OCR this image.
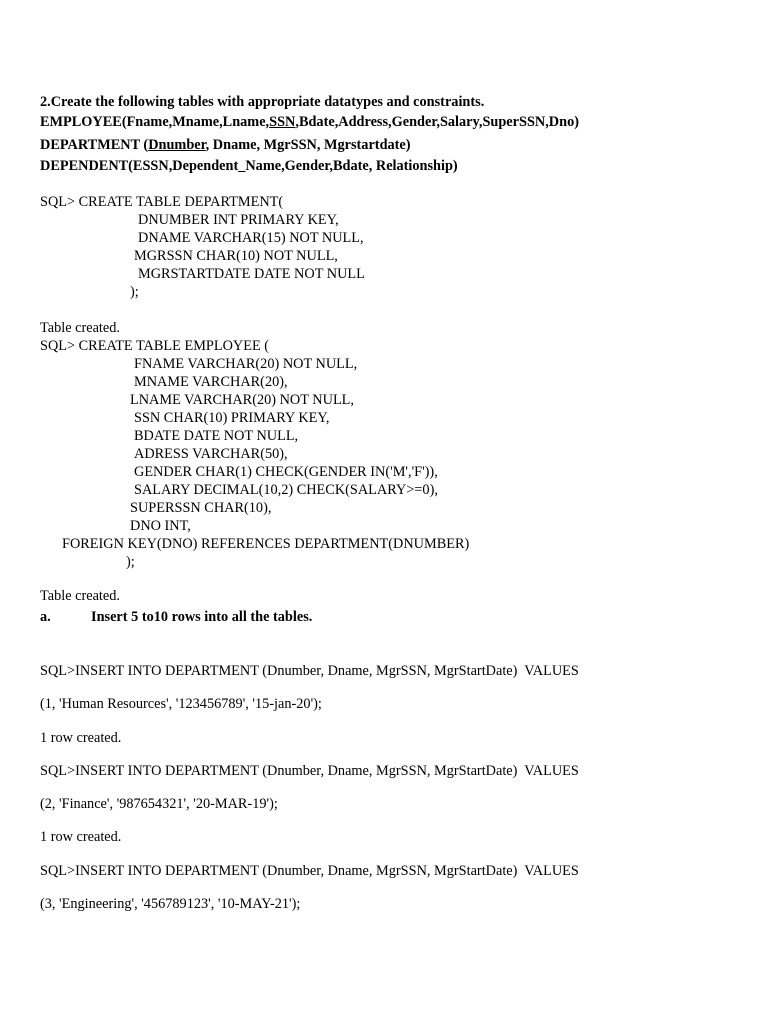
2.Create the following tables with appropriate datatypes and constraints.
EMPLOYEE(Fname,Mname,Lname,SSN,Bdate,Address,Gender,Salary,SuperSSN,Dno)
DEPARTMENT (Dnumber, Dname, MgrSSN, Mgrstartdate)
DEPENDENT(ESSN,Dependent_Name,Gender,Bdate, Relationship)
SQL> CREATE TABLE DEPARTMENT(
DNUMBER INT PRIMARY KEY,
DNAME VARCHAR(15) NOT NULL,
MGRSSN CHAR(10) NOT NULL,
MGRSTARTDATE DATE NOT NULL
);
Table created.
SQL> CREATE TABLE EMPLOYEE (
FNAME VARCHAR(20) NOT NULL,
MNAME VARCHAR(20),
LNAME VARCHAR(20) NOT NULL,
SSN CHAR(10) PRIMARY KEY,
BDATE DATE NOT NULL,
ADRESS VARCHAR(50),
GENDER CHAR(1) CHECK(GENDER IN('M','F')),
SALARY DECIMAL(10,2) CHECK(SALARY>=0),
SUPERSSN CHAR(10),
DNO INT,
FOREIGN KEY(DNO) REFERENCES DEPARTMENT(DNUMBER)
);
Table created.
a.	Insert 5 to10 rows into all the tables.
SQL>INSERT INTO DEPARTMENT (Dnumber, Dname, MgrSSN, MgrStartDate)  VALUES
(1, 'Human Resources', '123456789', '15-jan-20');
1 row created.
SQL>INSERT INTO DEPARTMENT (Dnumber, Dname, MgrSSN, MgrStartDate)  VALUES
(2, 'Finance', '987654321', '20-MAR-19');
1 row created.
SQL>INSERT INTO DEPARTMENT (Dnumber, Dname, MgrSSN, MgrStartDate)  VALUES
(3, 'Engineering', '456789123', '10-MAY-21');
